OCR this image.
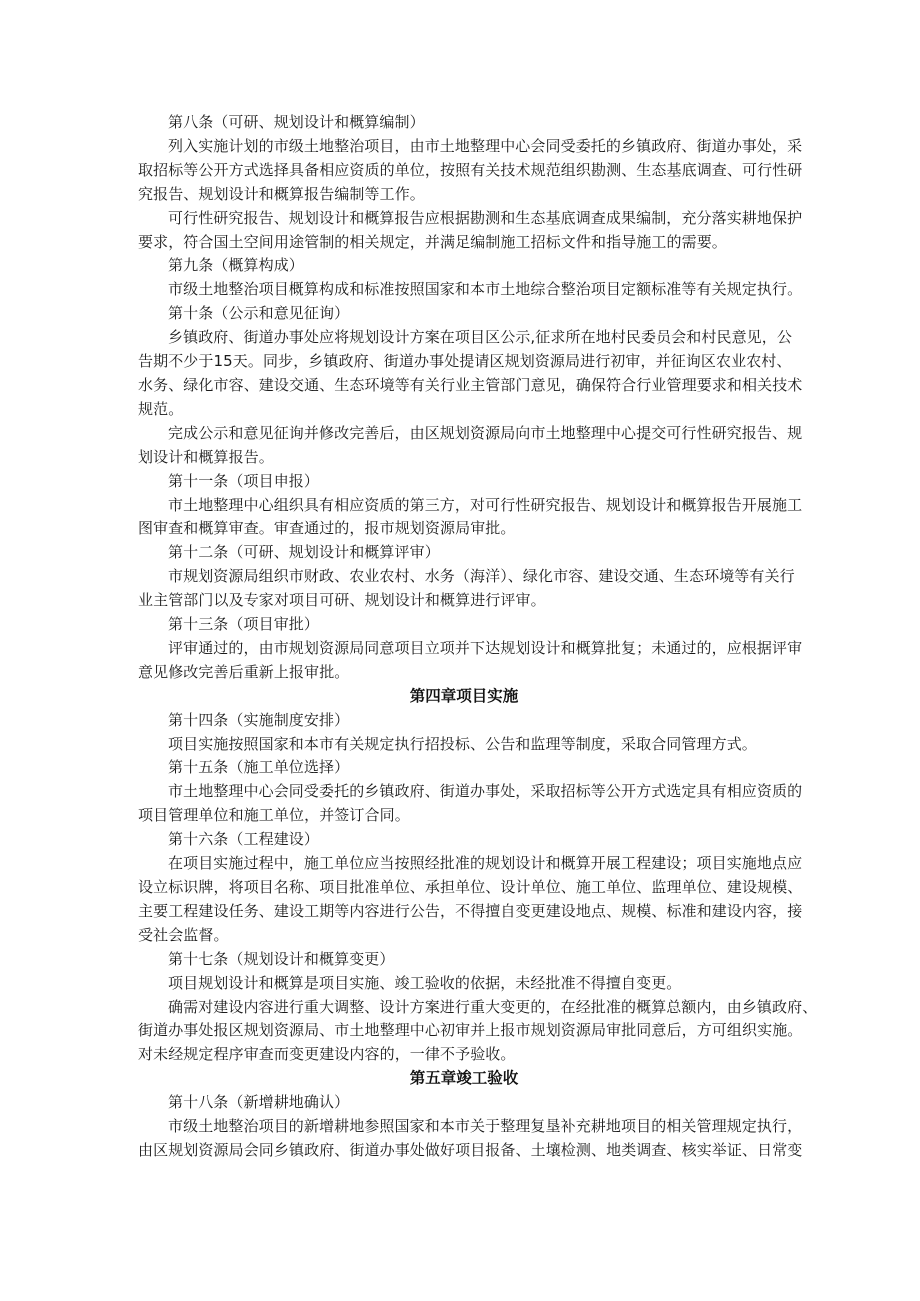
第八条（可研、规划设计和概算编制）

列入实施计划的市级土地整治项目，由市土地整理中心会同受委托的乡镇政府、街道办事处，采

取招标等公开方式选择具备相应资质的单位，按照有关技术规范组织勘测、生态基底调查、可行性研

究报告、规划设计和概算报告编制等工作。

可行性研究报告、规划设计和概算报告应根据勘测和生态基底调查成果编制，充分落实耕地保护

要求，符合国土空间用途管制的相关规定，并满足编制施工招标文件和指导施工的需要。

第九条（概算构成）

市级土地整治项目概算构成和标准按照国家和本市土地综合整治项目定额标准等有关规定执行。

第十条（公示和意见征询）

乡镇政府、街道办事处应将规划设计方案在项目区公示,征求所在地村民委员会和村民意见，公

告期不少于15天。同步，乡镇政府、街道办事处提请区规划资源局进行初审，并征询区农业农村、

水务、绿化市容、建设交通、生态环境等有关行业主管部门意见，确保符合行业管理要求和相关技术

规范。

完成公示和意见征询并修改完善后，由区规划资源局向市土地整理中心提交可行性研究报告、规

划设计和概算报告。

第十一条（项目申报）

市土地整理中心组织具有相应资质的第三方，对可行性研究报告、规划设计和概算报告开展施工

图审查和概算审查。审查通过的，报市规划资源局审批。

第十二条（可研、规划设计和概算评审）

市规划资源局组织市财政、农业农村、水务（海洋）、绿化市容、建设交通、生态环境等有关行

业主管部门以及专家对项目可研、规划设计和概算进行评审。

第十三条（项目审批）

评审通过的，由市规划资源局同意项目立项并下达规划设计和概算批复；未通过的，应根据评审

意见修改完善后重新上报审批。

第四章项目实施

第十四条（实施制度安排）

项目实施按照国家和本市有关规定执行招投标、公告和监理等制度，采取合同管理方式。

第十五条（施工单位选择）

市土地整理中心会同受委托的乡镇政府、街道办事处，采取招标等公开方式选定具有相应资质的

项目管理单位和施工单位，并签订合同。

第十六条（工程建设）

在项目实施过程中，施工单位应当按照经批准的规划设计和概算开展工程建设；项目实施地点应

设立标识牌，将项目名称、项目批准单位、承担单位、设计单位、施工单位、监理单位、建设规模、

主要工程建设任务、建设工期等内容进行公告，不得擅自变更建设地点、规模、标准和建设内容，接

受社会监督。

第十七条（规划设计和概算变更）

项目规划设计和概算是项目实施、竣工验收的依据，未经批准不得擅自变更。

确需对建设内容进行重大调整、设计方案进行重大变更的，在经批准的概算总额内，由乡镇政府、

街道办事处报区规划资源局、市土地整理中心初审并上报市规划资源局审批同意后，方可组织实施。

对未经规定程序审查而变更建设内容的，一律不予验收。

第五章竣工验收

第十八条（新增耕地确认）

市级土地整治项目的新增耕地参照国家和本市关于整理复垦补充耕地项目的相关管理规定执行，

由区规划资源局会同乡镇政府、街道办事处做好项目报备、土壤检测、地类调查、核实举证、日常变
